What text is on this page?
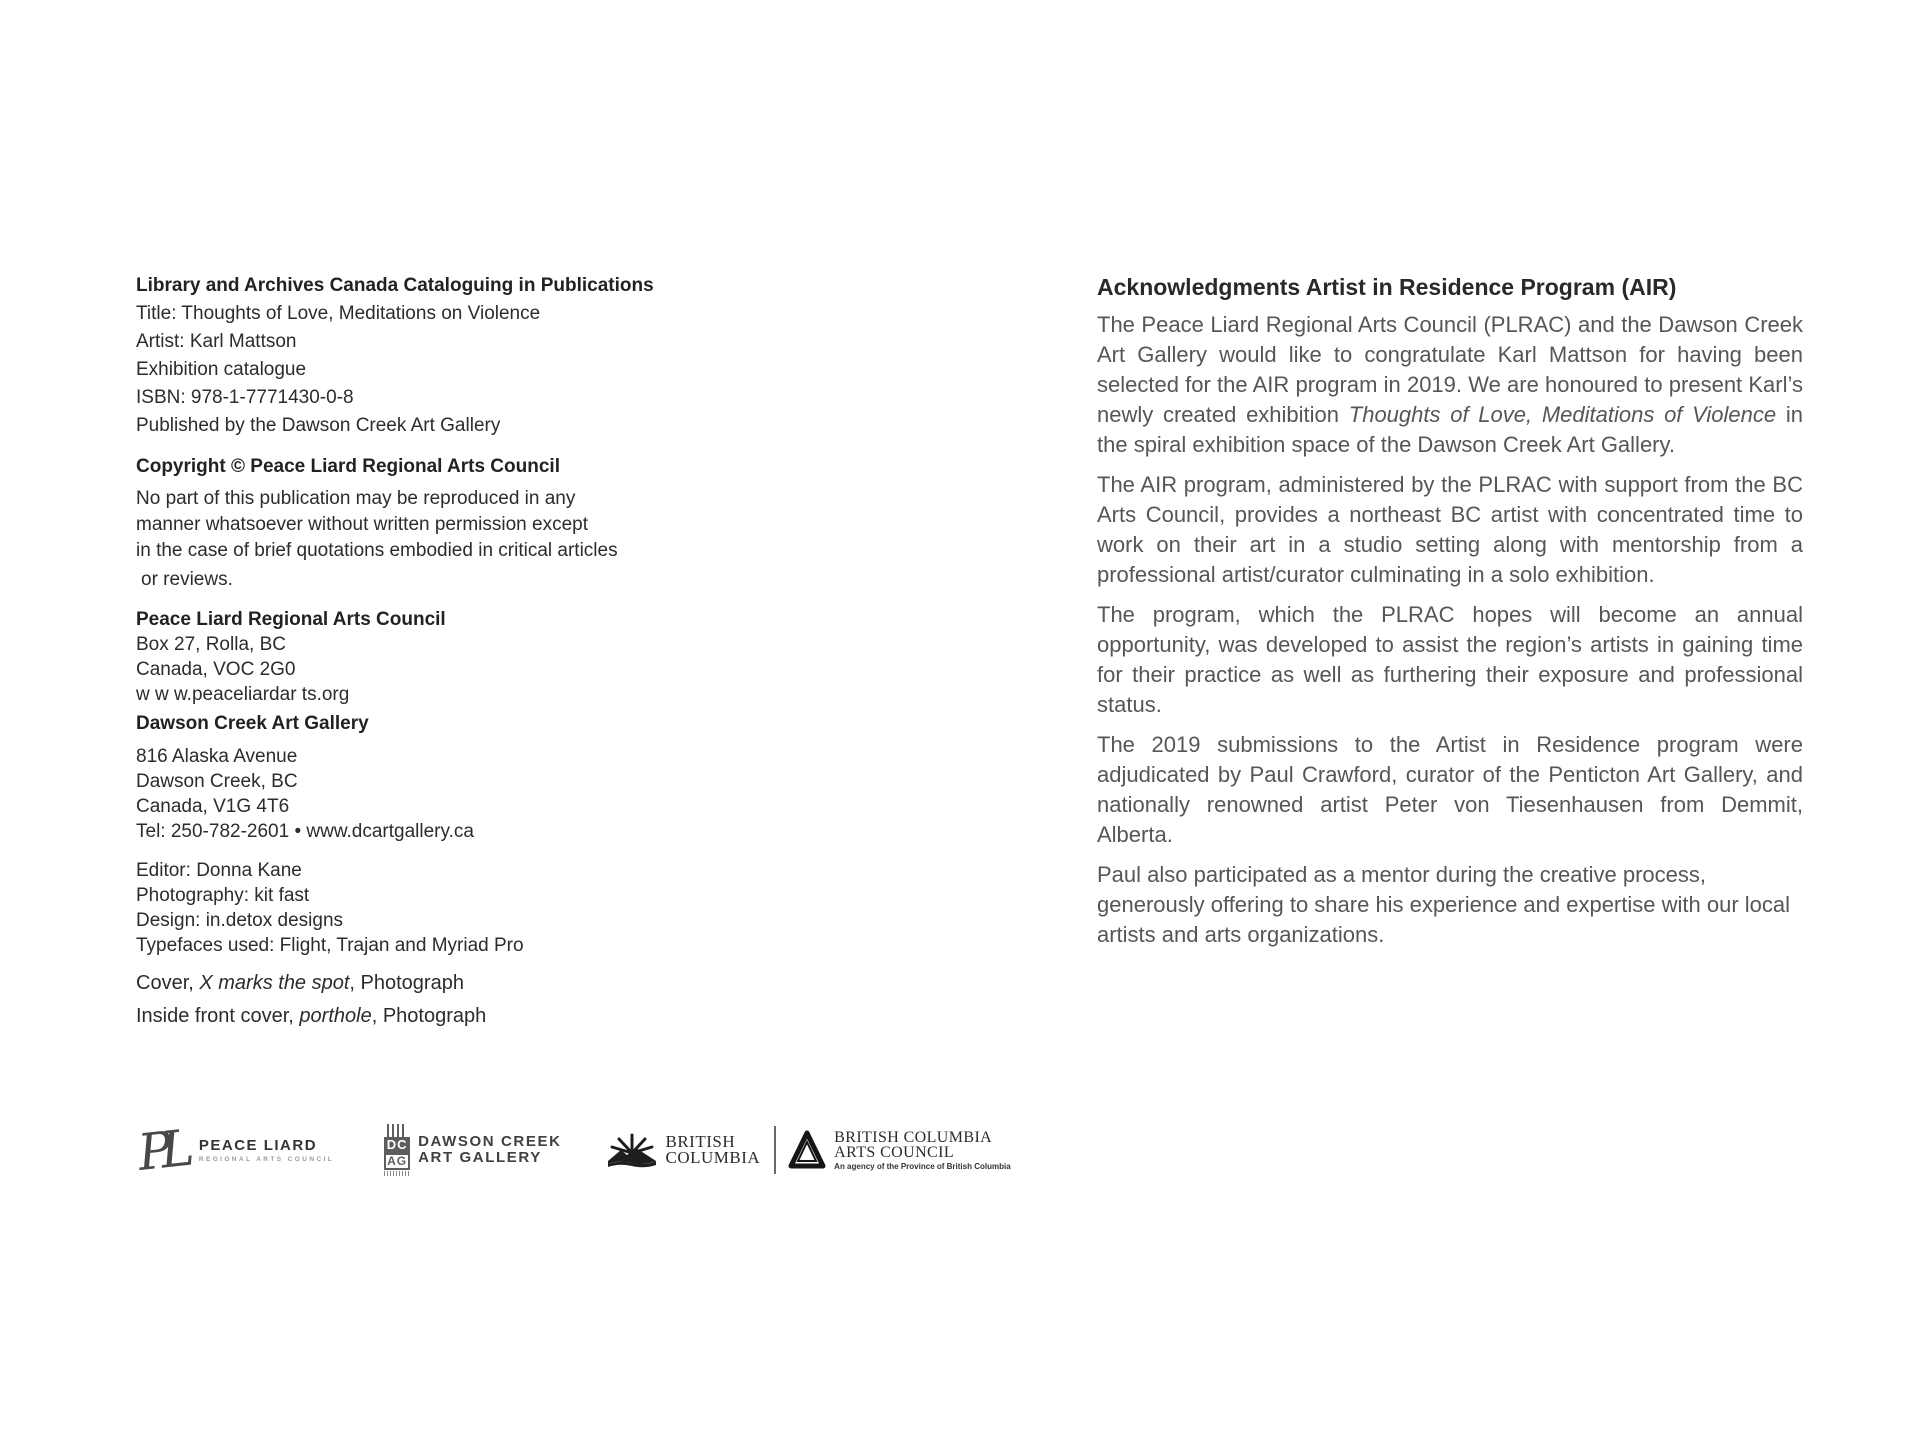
Library and Archives Canada Cataloguing in Publications
Title: Thoughts of Love, Meditations on Violence
Artist: Karl Mattson
Exhibition catalogue
ISBN: 978-1-7771430-0-8
Published by the Dawson Creek Art Gallery
Copyright © Peace Liard Regional Arts Council
No part of this publication may be reproduced in any
manner whatsoever without written permission except
in the case of brief quotations embodied in critical articles
or reviews.
Peace Liard Regional Arts Council
Box 27, Rolla, BC
Canada, VOC 2G0
w w w.peaceliardar ts.org
Dawson Creek Art Gallery
816 Alaska Avenue
Dawson Creek, BC
Canada, V1G 4T6
Tel: 250-782-2601 • www.dcartgallery.ca
Editor: Donna Kane
Photography: kit fast
Design: in.detox designs
Typefaces used: Flight, Trajan and Myriad Pro
Cover, X marks the spot, Photograph
Inside front cover, porthole, Photograph
PL PEACE LIARD
REGIONAL ARTS COUNCIL
DC
AG
DAWSON CREEK
ART GALLERY
BRITISH
COLUMBIA
BRITISH COLUMBIA
ARTS COUNCIL
An agency of the Province of British Columbia
Acknowledgments Artist in Residence Program (AIR)

The Peace Liard Regional Arts Council (PLRAC) and the Dawson Creek Art Gallery would like to congratulate Karl Mattson for having been selected for the AIR program in 2019. We are honoured to present Karl’s newly created exhibition Thoughts of Love, Meditations of Violence in the spiral exhibition space of the Dawson Creek Art Gallery.

The AIR program, administered by the PLRAC with support from the BC Arts Council, provides a northeast BC artist with concentrated time to work on their art in a studio setting along with mentorship from a professional artist/curator culminating in a solo exhibition.

The program, which the PLRAC hopes will become an annual opportunity, was developed to assist the region’s artists in gaining time for their practice as well as furthering their exposure and professional status.

The 2019 submissions to the Artist in Residence program were adjudicated by Paul Crawford, curator of the Penticton Art Gallery, and nationally renowned artist Peter von Tiesenhausen from Demmit, Alberta.

Paul also participated as a mentor during the creative process, generously offering to share his experience and expertise with our local artists and arts organizations.
